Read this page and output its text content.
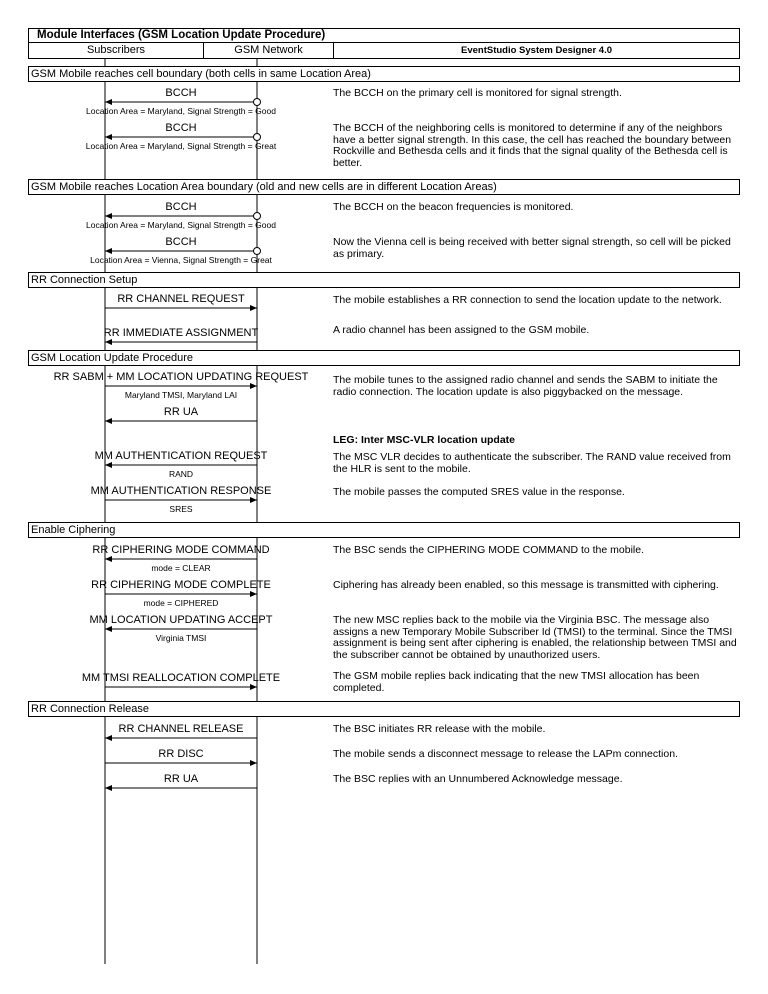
Module Interfaces (GSM Location Update Procedure)
Subscribers	GSM Network	EventStudio System Designer 4.0
GSM Mobile reaches cell boundary (both cells in same Location Area)
GSM Mobile reaches Location Area boundary (old and new cells are in different Location Areas)
RR Connection Setup
GSM Location Update Procedure
Enable Ciphering
RR Connection Release
BCCH
Location Area = Maryland, Signal Strength = Good
BCCH
Location Area = Maryland, Signal Strength = Great
BCCH
Location Area = Maryland, Signal Strength = Good
BCCH
Location Area = Vienna, Signal Strength = Great
RR CHANNEL REQUEST
RR IMMEDIATE ASSIGNMENT
RR SABM + MM LOCATION UPDATING REQUEST
Maryland TMSI, Maryland LAI
RR UA
MM AUTHENTICATION REQUEST
RAND
MM AUTHENTICATION RESPONSE
SRES
RR CIPHERING MODE COMMAND
mode = CLEAR
RR CIPHERING MODE COMPLETE
mode = CIPHERED
MM LOCATION UPDATING ACCEPT
Virginia TMSI
MM TMSI REALLOCATION COMPLETE
RR CHANNEL RELEASE
RR DISC
RR UA
The BCCH on the primary cell is monitored for signal strength.
The BCCH of the neighboring cells is monitored to determine if any of the neighbors have a better signal strength. In this case, the cell has reached the boundary between Rockville and Bethesda cells and it finds that the signal quality of the Bethesda cell is better.
The BCCH on the beacon frequencies is monitored.
Now the Vienna cell is being received with better signal strength, so cell will be picked as primary.
The mobile establishes a RR connection to send the location update to the network.
A radio channel has been assigned to the GSM mobile.
The mobile tunes to the assigned radio channel and sends the SABM to initiate the radio connection. The location update is also piggybacked on the message.
LEG: Inter MSC-VLR location update
The MSC VLR decides to authenticate the subscriber. The RAND value received from the HLR is sent to the mobile.
The mobile passes the computed SRES value in the response.
The BSC sends the CIPHERING MODE COMMAND to the mobile.
Ciphering has already been enabled, so this message is transmitted with ciphering.
The new MSC replies back to the mobile via the Virginia BSC. The message also assigns a new Temporary Mobile Subscriber Id (TMSI) to the terminal. Since the TMSI assignment is being sent after ciphering is enabled, the relationship between TMSI and the subscriber cannot be obtained by unauthorized users.
The GSM mobile replies back indicating that the new TMSI allocation has been completed.
The BSC initiates RR release with the mobile.
The mobile sends a disconnect message to release the LAPm connection.
The BSC replies with an Unnumbered Acknowledge message.
